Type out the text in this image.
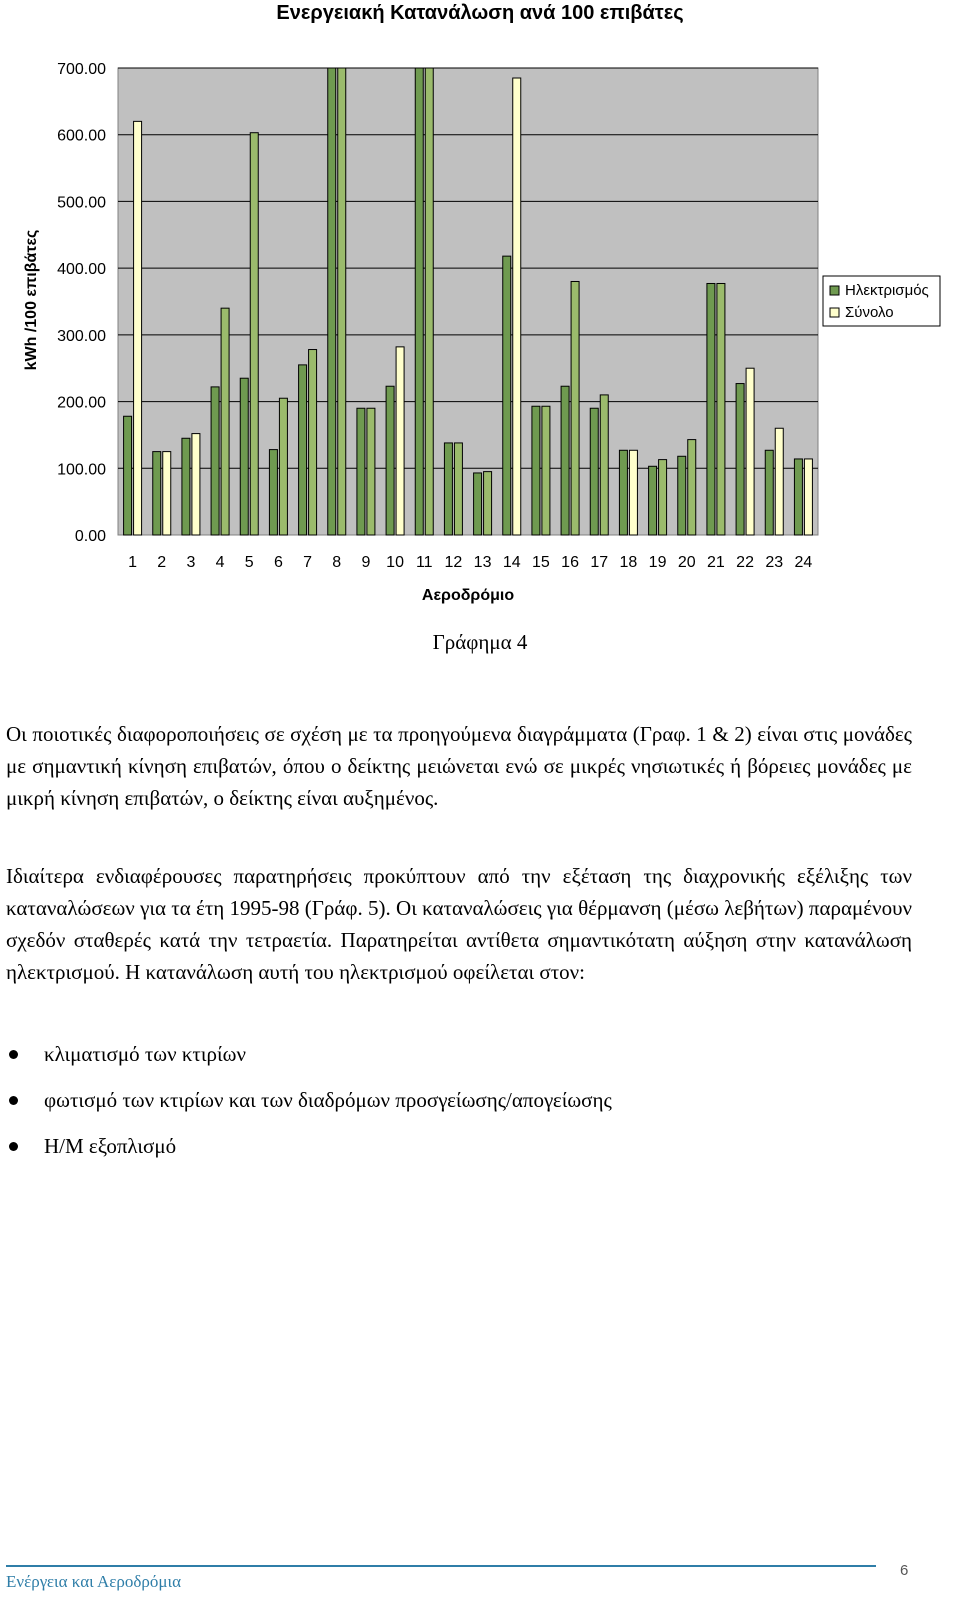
Ενεργειακή Κατανάλωση ανά 100 επιβάτες
0.00
100.00
200.00
300.00
400.00
500.00
600.00
700.00
1 2 3 4 5 6 7 8 9 10 11 12 13 14 15 16 17 18 19 20 21 22 23 24
kWh /100 επιβάτες
Αεροδρόμιο
Ηλεκτρισμός
Σύνολο
Γράφημα 4

Οι ποιοτικές διαφοροποιήσεις σε σχέση με τα προηγούμενα διαγράμματα (Γραφ. 1 & 2) είναι στις μονάδες με σημαντική κίνηση επιβατών, όπου ο δείκτης μειώνεται ενώ σε μικρές νησιωτικές ή βόρειες μονάδες με μικρή κίνηση επιβατών, ο δείκτης είναι αυξημένος.

Ιδιαίτερα ενδιαφέρουσες παρατηρήσεις προκύπτουν από την εξέταση της διαχρονικής εξέλιξης των καταναλώσεων για τα έτη 1995-98 (Γράφ. 5). Οι καταναλώσεις για θέρμανση (μέσω λεβήτων) παραμένουν σχεδόν σταθερές κατά την τετραετία. Παρατηρείται αντίθετα σημαντικότατη αύξηση στην κατανάλωση ηλεκτρισμού. Η κατανάλωση αυτή του ηλεκτρισμού οφείλεται στον:

κλιματισμό των κτιρίων
φωτισμό των κτιρίων και των διαδρόμων προσγείωσης/απογείωσης
Η/Μ εξοπλισμό
Ενέργεια και Αεροδρόμια
6
